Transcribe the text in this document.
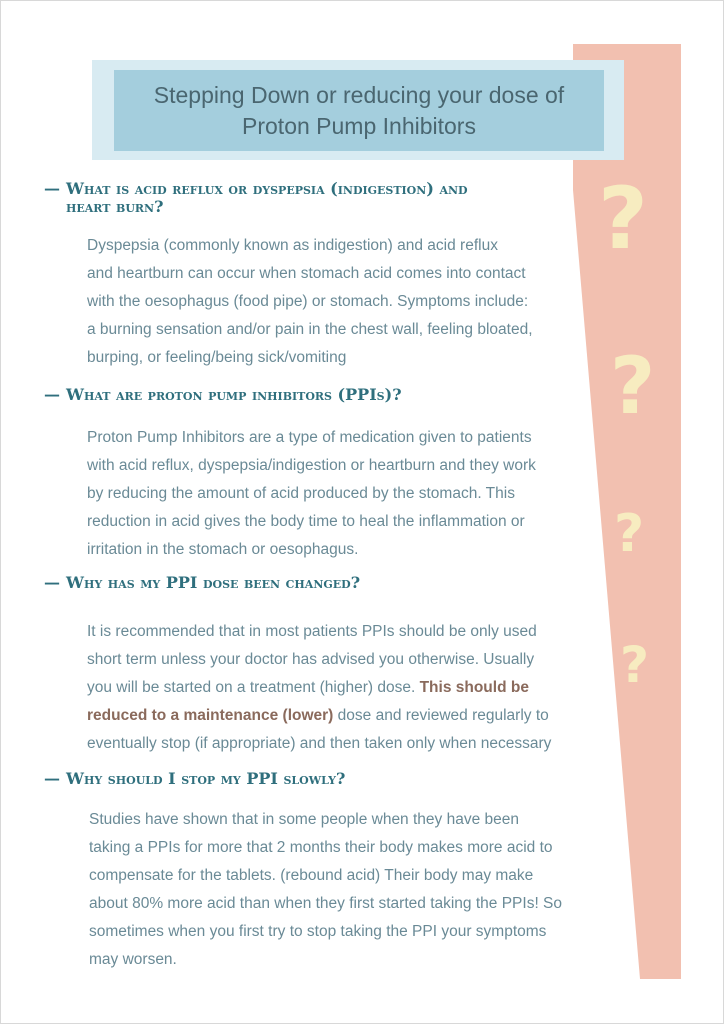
?
?
?
?
Stepping Down or reducing your dose of
Proton Pump Inhibitors
— What is acid reflux or dyspepsia (indigestion) and
heart burn?
Dyspepsia (commonly known as indigestion) and acid reflux
and heartburn can occur when stomach acid comes into contact
with the oesophagus (food pipe) or stomach. Symptoms include:
a burning sensation and/or pain in the chest wall, feeling bloated,
burping, or feeling/being sick/vomiting
— What are proton pump inhibitors (PPIs)?
Proton Pump Inhibitors are a type of medication given to patients
with acid reflux, dyspepsia/indigestion or heartburn and they work
by reducing the amount of acid produced by the stomach. This
reduction in acid gives the body time to heal the inflammation or
irritation in the stomach or oesophagus.
— Why has my PPI dose been changed?
It is recommended that in most patients PPIs should be only used
short term unless your doctor has advised you otherwise. Usually
you will be started on a treatment (higher) dose. This should be
reduced to a maintenance (lower) dose and reviewed regularly to
eventually stop (if appropriate) and then taken only when necessary
— Why should I stop my PPI slowly?
Studies have shown that in some people when they have been
taking a PPIs for more that 2 months their body makes more acid to
compensate for the tablets. (rebound acid) Their body may make
about 80% more acid than when they first started taking the PPIs! So
sometimes when you first try to stop taking the PPI your symptoms
may worsen.
